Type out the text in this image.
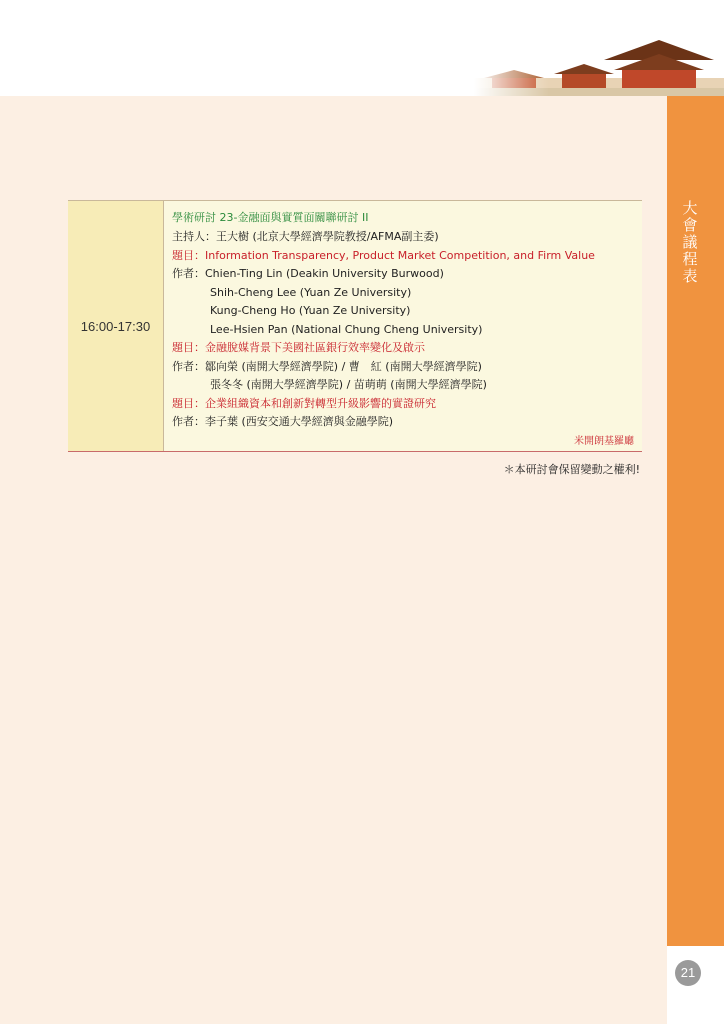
大
會
議
程
表
16:00-17:30
學術研討 23-金融面與實質面關聯研討 II
主持人：王大樹 (北京大學經濟學院教授/AFMA副主委)
題目：Information Transparency, Product Market Competition, and Firm Value
作者：Chien-Ting Lin (Deakin University Burwood)
Shih-Cheng Lee (Yuan Ze University)
Kung-Cheng Ho (Yuan Ze University)
Lee-Hsien Pan (National Chung Cheng University)
題目：金融脫媒背景下美國社區銀行效率變化及啟示
作者：鄒向榮 (南開大學經濟學院) / 曹　紅 (南開大學經濟學院)
張冬冬 (南開大學經濟學院) / 苗萌萌 (南開大學經濟學院)
題目：企業組織資本和創新對轉型升級影響的實證研究
作者：李子葉 (西安交通大學經濟與金融學院)
米開朗基羅廳
＊本研討會保留變動之權利!
21
